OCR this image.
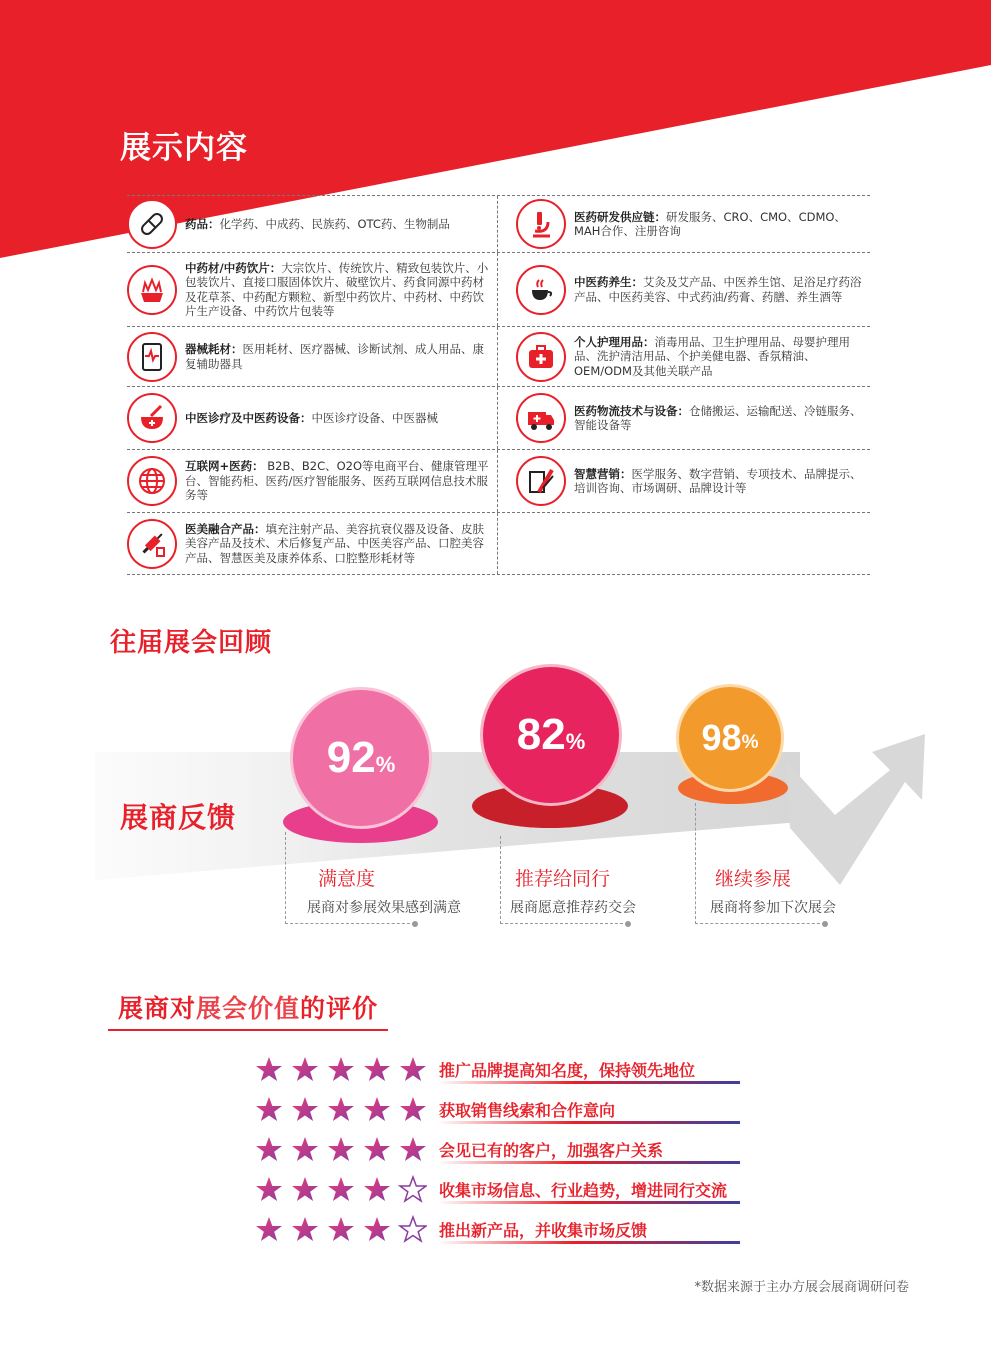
展示内容
药品：化学药、中成药、民族药、OTC药、生物制品
医药研发供应链：研发服务、CRO、CMO、CDMO、MAH合作、注册咨询
中药材/中药饮片：大宗饮片、传统饮片、精致包装饮片、小包装饮片、直接口服固体饮片、破壁饮片、药食同源中药材及花草茶、中药配方颗粒、新型中药饮片、中药材、中药饮片生产设备、中药饮片包装等
中医药养生：艾灸及艾产品、中医养生馆、足浴足疗药浴产品、中医药美容、中式药油/药膏、药膳、养生酒等
器械耗材：医用耗材、医疗器械、诊断试剂、成人用品、康复辅助器具
个人护理用品：消毒用品、卫生护理用品、母婴护理用品、洗护清洁用品、个护美健电器、香氛精油、OEM/ODM及其他关联产品
中医诊疗及中医药设备：中医诊疗设备、中医器械
医药物流技术与设备：仓储搬运、运输配送、冷链服务、智能设备等
互联网+医药： B2B、B2C、O2O等电商平台、健康管理平台、智能药柜、医药/医疗智能服务、医药互联网信息技术服务等
智慧营销：医学服务、数字营销、专项技术、品牌提示、培训咨询、市场调研、品牌设计等
医美融合产品：填充注射产品、美容抗衰仪器及设备、皮肤美容产品及技术、术后修复产品、中医美容产品、口腔美容产品、智慧医美及康养体系、口腔整形耗材等
往届展会回顾
展商反馈
92 %
82 %	98 %
满意度
展商对参展效果感到满意
推荐给同行
展商愿意推荐药交会
继续参展
展商将参加下次展会
展商对展会价值的评价
推广品牌提高知名度，保持领先地位
获取销售线索和合作意向
会见已有的客户，加强客户关系
收集市场信息、行业趋势，增进同行交流
推出新产品，并收集市场反馈
*数据来源于主办方展会展商调研问卷
